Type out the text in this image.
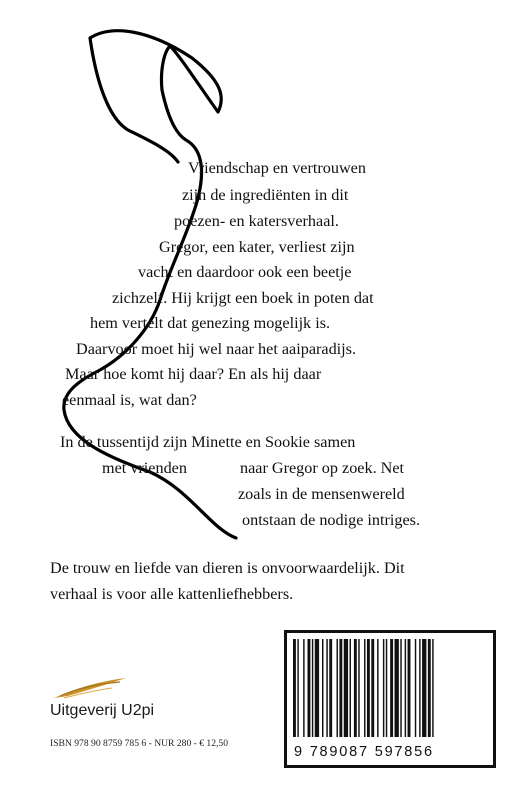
Vriendschap en vertrouwen
zijn de ingrediënten in dit
poezen- en katersverhaal.
Gregor, een kater, verliest zijn
vacht en daardoor ook een beetje
zichzelf. Hij krijgt een boek in poten dat
hem vertelt dat genezing mogelijk is.
Daarvoor moet hij wel naar het aaiparadijs.
Maar hoe komt hij daar? En als hij daar
eenmaal is, wat dan?
In de tussentijd zijn Minette en Sookie samen
met vrienden	naar Gregor op zoek. Net
zoals in de mensenwereld
ontstaan de nodige intriges.
De trouw en liefde van dieren is onvoorwaardelijk. Dit
verhaal is voor alle kattenliefhebbers.
Uitgeverij U2pi
ISBN 978 90 8759 785 6 - NUR 280 - € 12,50
9 789087 597856
